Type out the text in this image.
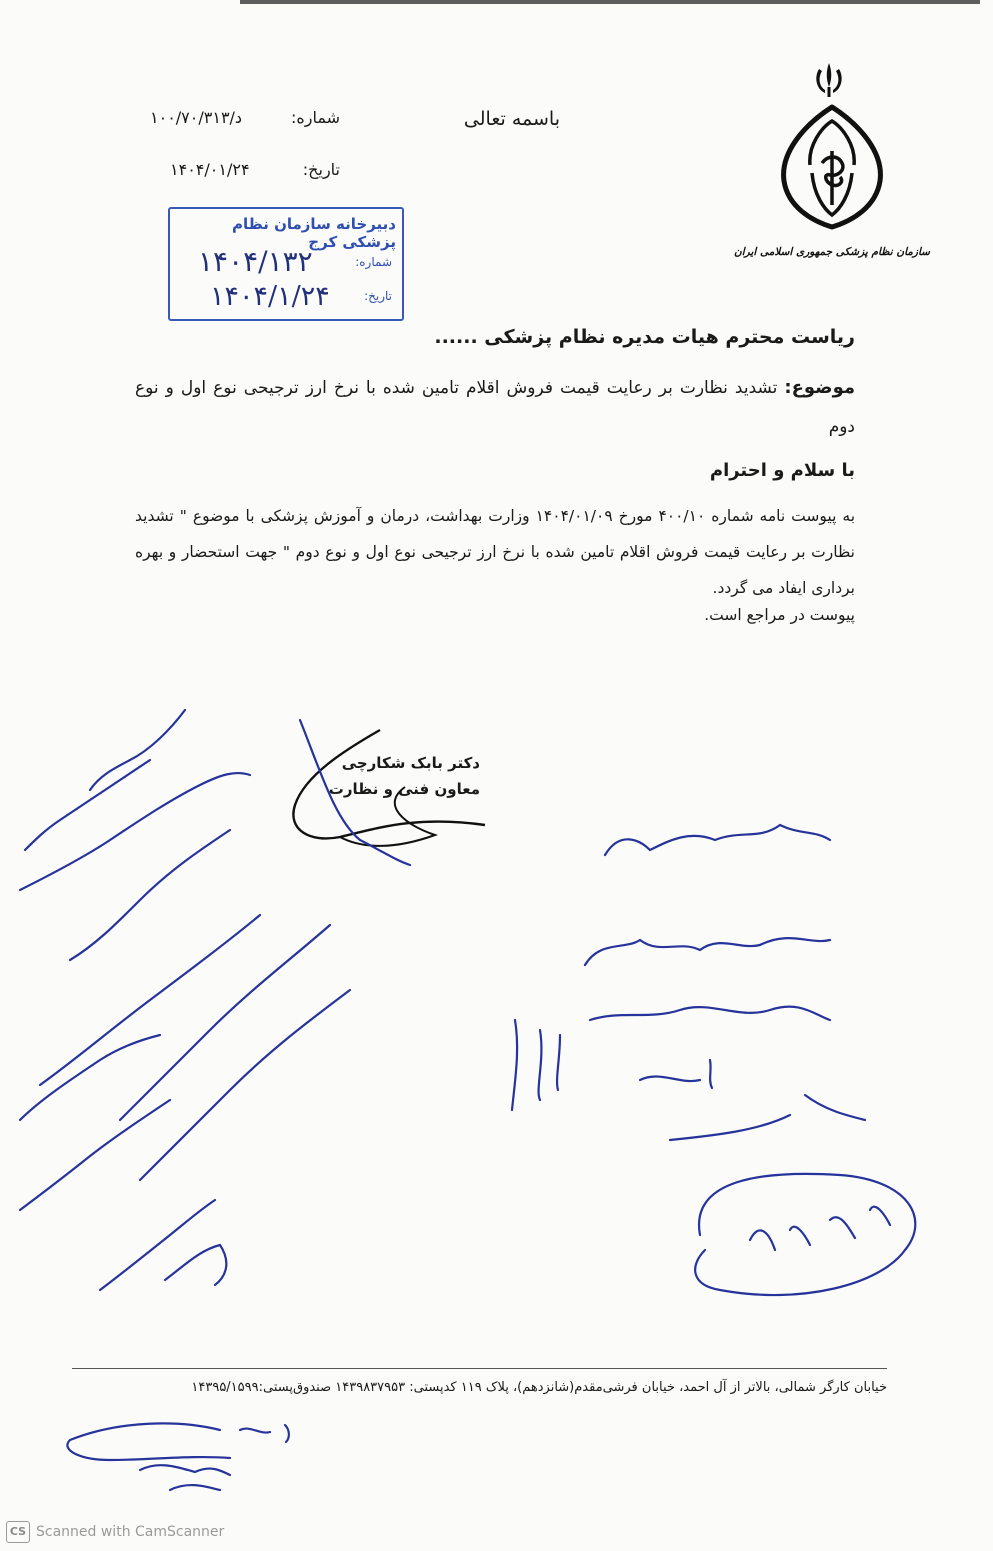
سازمان نظام پزشکی جمهوری اسلامی ایران
باسمه تعالی
شماره:
د/۱۰۰/۷۰/۳۱۳
تاریخ:
۱۴۰۴/۰۱/۲۴
دبیرخانه سازمان نظام پزشکی کرج
شماره:
تاریخ:
۱۴۰۴/۱۳۲
۱۴۰۴/۱/۲۴
ریاست محترم هیات مدیره نظام پزشکی ......
موضوع: تشدید نظارت بر رعایت قیمت فروش اقلام تامین شده با نرخ ارز ترجیحی نوع اول و نوع دوم
با سلام و احترام
به پیوست نامه شماره ۴۰۰/۱۰ مورخ ۱۴۰۴/۰۱/۰۹ وزارت بهداشت، درمان و آموزش پزشکی با موضوع " تشدید نظارت بر رعایت قیمت فروش اقلام تامین شده با نرخ ارز ترجیحی نوع اول و نوع دوم " جهت استحضار و بهره برداری ایفاد می گردد.
پیوست در مراجع است.
دکتر بابک شکارچی
معاون فنی و نظارت
خیابان کارگر شمالی، بالاتر از آل احمد، خیابان فرشی‌مقدم(شانزدهم)، پلاک ۱۱۹ کدپستی: ۱۴۳۹۸۳۷۹۵۳ صندوق‌پستی:۱۴۳۹۵/۱۵۹۹
CS Scanned with CamScanner
